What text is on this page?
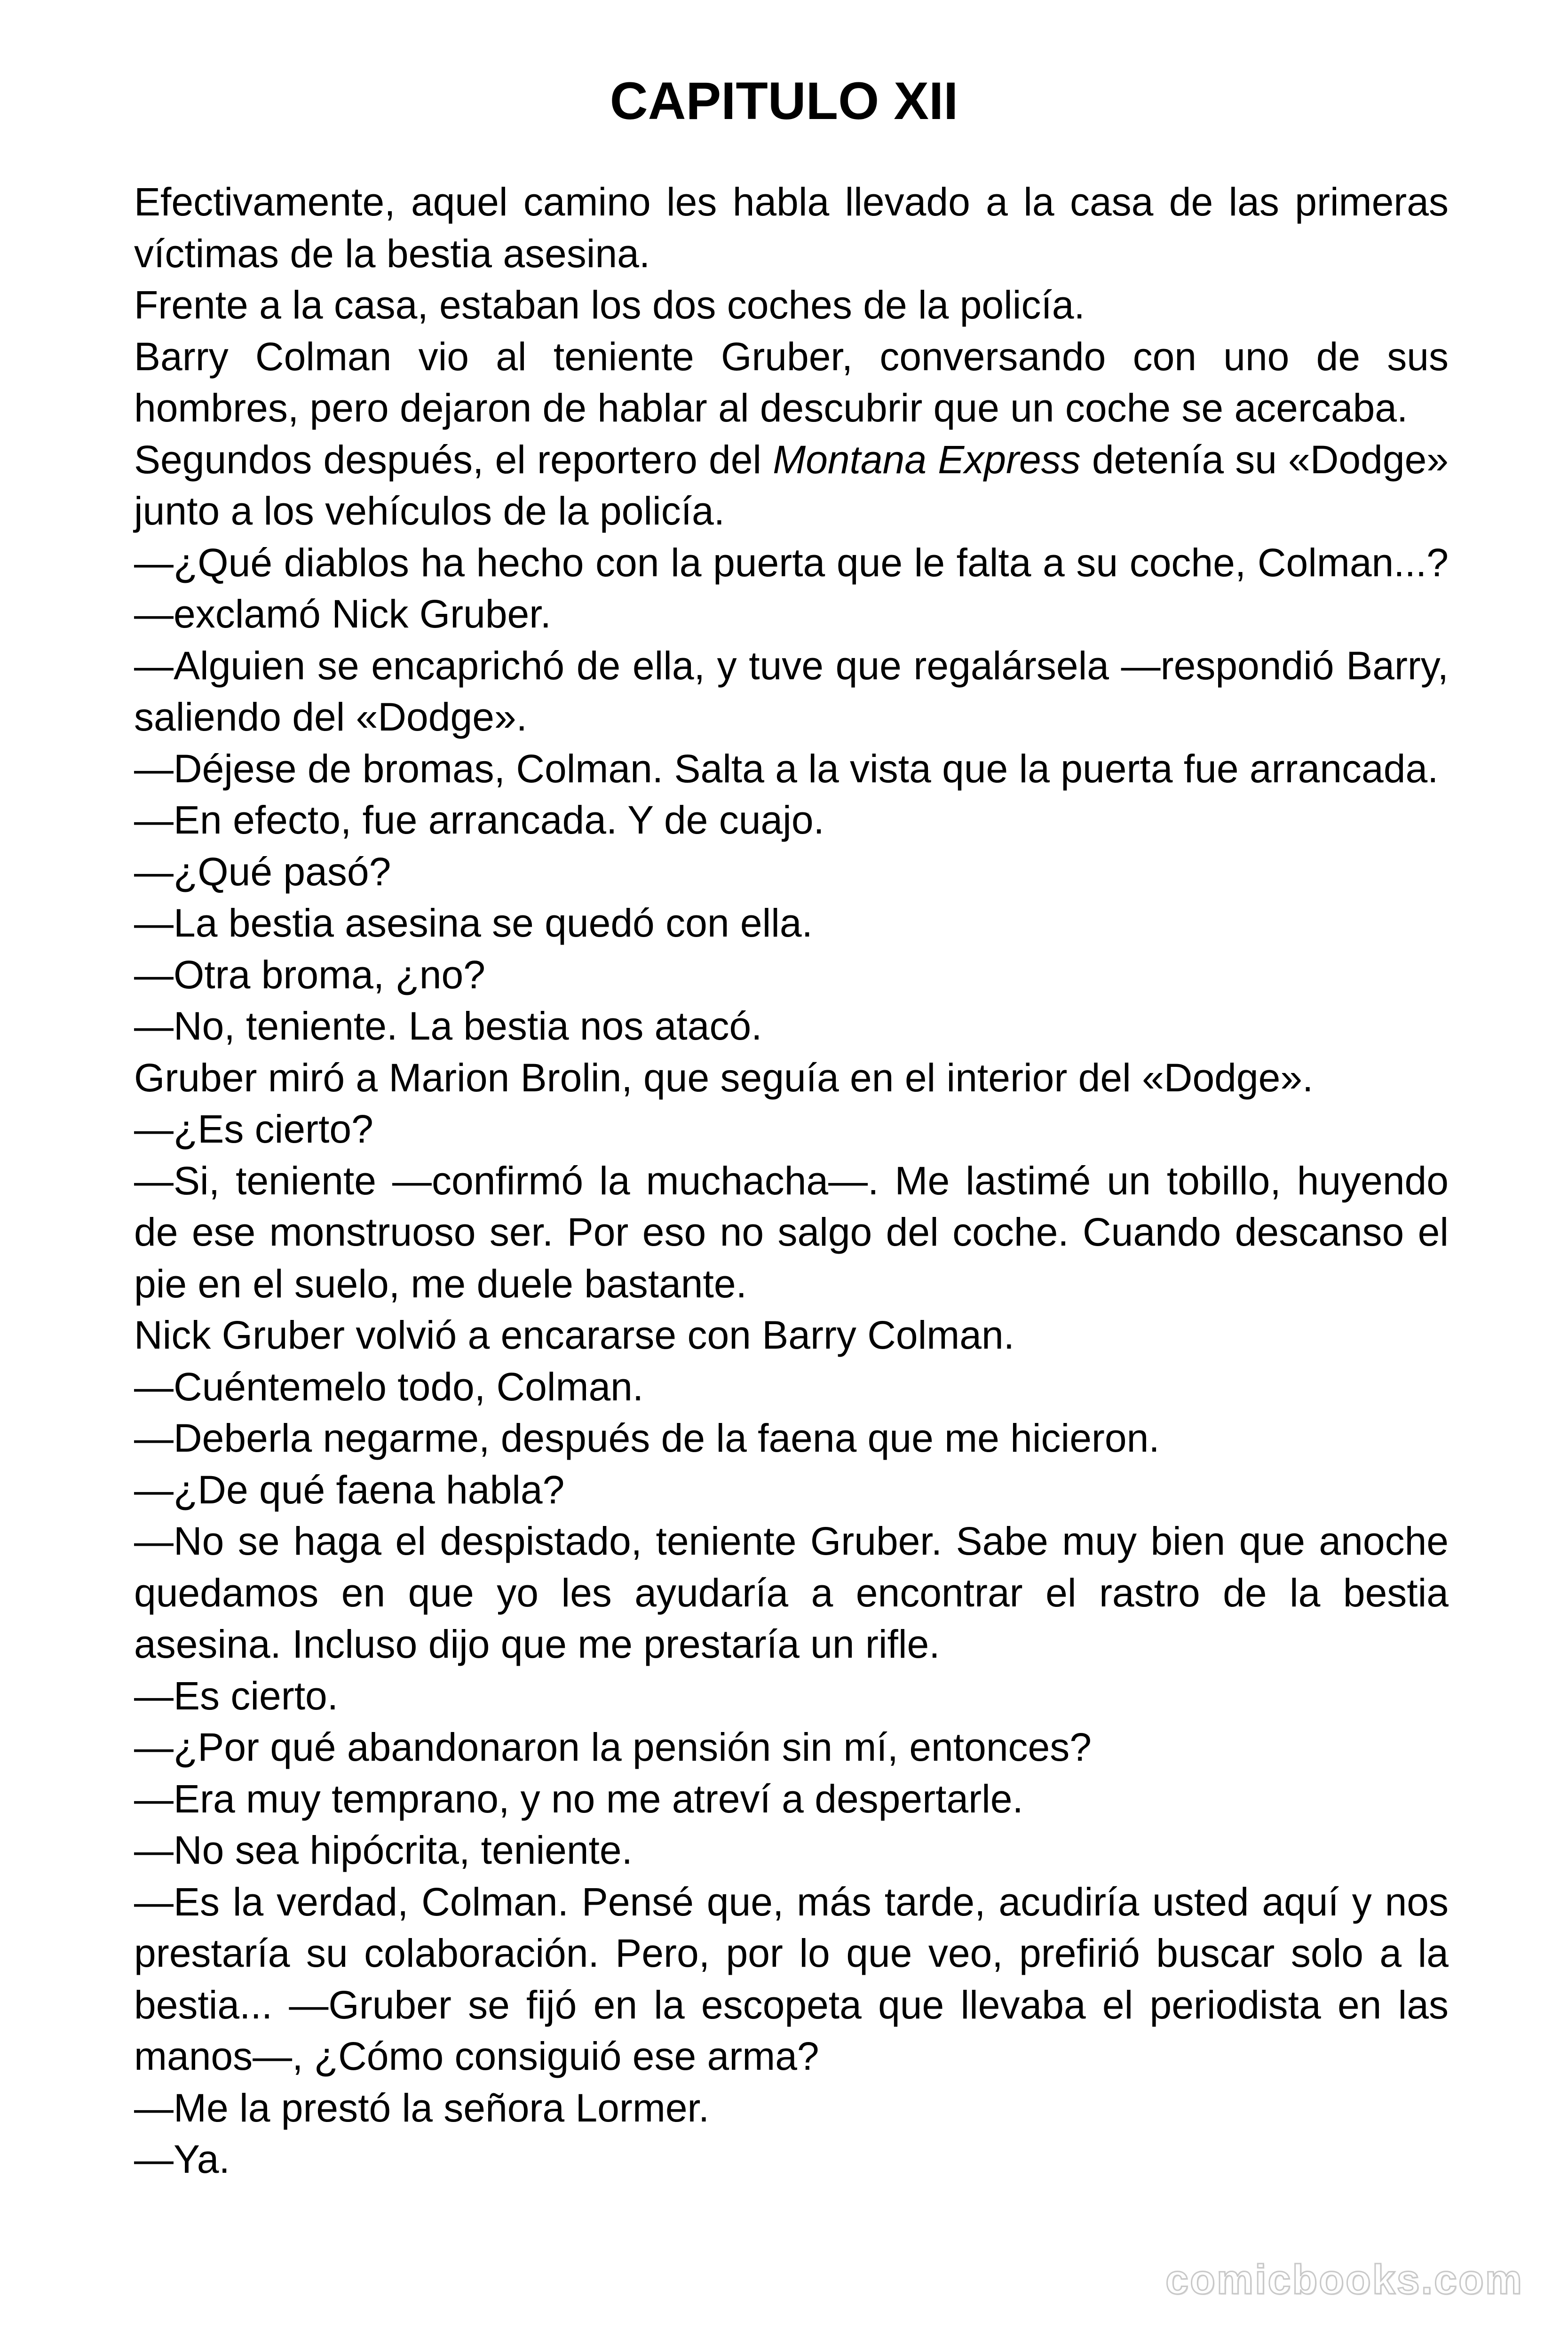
CAPITULO XII

Efectivamente, aquel camino les habla llevado a la casa de las primeras víctimas de la bestia asesina.

Frente a la casa, estaban los dos coches de la policía.

Barry Colman vio al teniente Gruber, conversando con uno de sus hombres, pero dejaron de hablar al descubrir que un coche se acercaba.

Segundos después, el reportero del Montana Express detenía su «Dodge» junto a los vehículos de la policía.

—¿Qué diablos ha hecho con la puerta que le falta a su coche, Colman...? —exclamó Nick Gruber.

—Alguien se encaprichó de ella, y tuve que regalársela —respondió Barry, saliendo del «Dodge».

—Déjese de bromas, Colman. Salta a la vista que la puerta fue arrancada.

—En efecto, fue arrancada. Y de cuajo.

—¿Qué pasó?

—La bestia asesina se quedó con ella.

—Otra broma, ¿no?

—No, teniente. La bestia nos atacó.

Gruber miró a Marion Brolin, que seguía en el interior del «Dodge».

—¿Es cierto?

—Si, teniente —confirmó la muchacha—. Me lastimé un tobillo, huyendo de ese monstruoso ser. Por eso no salgo del coche. Cuando descanso el pie en el suelo, me duele bastante.

Nick Gruber volvió a encararse con Barry Colman.

—Cuéntemelo todo, Colman.

—Deberla negarme, después de la faena que me hicieron.

—¿De qué faena habla?

—No se haga el despistado, teniente Gruber. Sabe muy bien que anoche quedamos en que yo les ayudaría a encontrar el rastro de la bestia asesina. Incluso dijo que me prestaría un rifle.

—Es cierto.

—¿Por qué abandonaron la pensión sin mí, entonces?

—Era muy temprano, y no me atreví a despertarle.

—No sea hipócrita, teniente.

—Es la verdad, Colman. Pensé que, más tarde, acudiría usted aquí y nos prestaría su colaboración. Pero, por lo que veo, prefirió buscar solo a la bestia... —Gruber se fijó en la escopeta que llevaba el periodista en las manos—, ¿Cómo consiguió ese arma?

—Me la prestó la señora Lormer.

—Ya.

comicbooks.com
